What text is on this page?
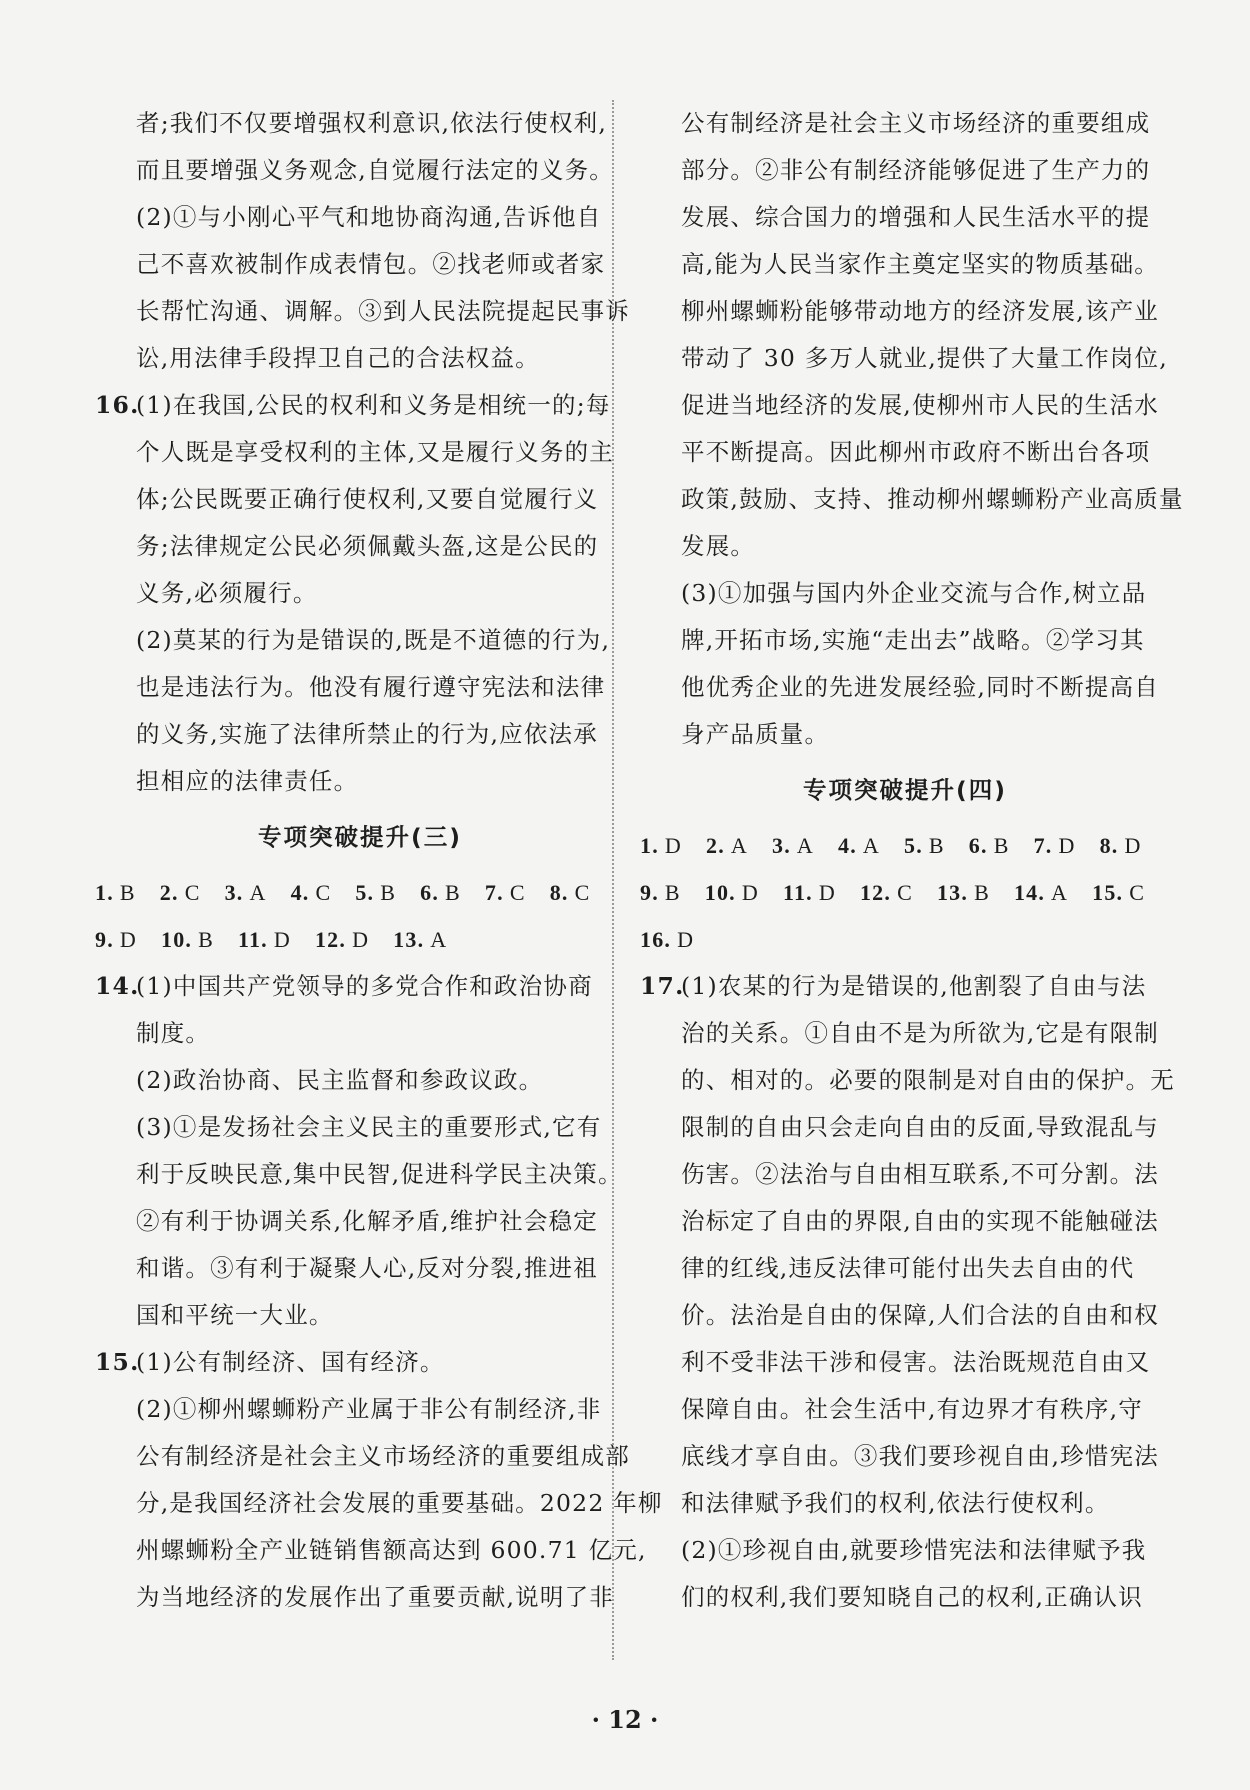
者;我们不仅要增强权利意识,依法行使权利,
而且要增强义务观念,自觉履行法定的义务。
(2)①与小刚心平气和地协商沟通,告诉他自
己不喜欢被制作成表情包。②找老师或者家
长帮忙沟通、调解。③到人民法院提起民事诉
讼,用法律手段捍卫自己的合法权益。
16.(1)在我国,公民的权利和义务是相统一的;每
个人既是享受权利的主体,又是履行义务的主
体;公民既要正确行使权利,又要自觉履行义
务;法律规定公民必须佩戴头盔,这是公民的
义务,必须履行。
(2)莫某的行为是错误的,既是不道德的行为,
也是违法行为。他没有履行遵守宪法和法律
的义务,实施了法律所禁止的行为,应依法承
担相应的法律责任。
专项突破提升(三)
1. B 2. C 3. A 4. C 5. B 6. B 7. C 8. C
9. D 10. B 11. D 12. D 13. A
14.(1)中国共产党领导的多党合作和政治协商
制度。
(2)政治协商、民主监督和参政议政。
(3)①是发扬社会主义民主的重要形式,它有
利于反映民意,集中民智,促进科学民主决策。
②有利于协调关系,化解矛盾,维护社会稳定
和谐。③有利于凝聚人心,反对分裂,推进祖
国和平统一大业。
15.(1)公有制经济、国有经济。
(2)①柳州螺蛳粉产业属于非公有制经济,非
公有制经济是社会主义市场经济的重要组成部
分,是我国经济社会发展的重要基础。2022 年柳
州螺蛳粉全产业链销售额高达到 600.71 亿元,
为当地经济的发展作出了重要贡献,说明了非
公有制经济是社会主义市场经济的重要组成
部分。②非公有制经济能够促进了生产力的
发展、综合国力的增强和人民生活水平的提
高,能为人民当家作主奠定坚实的物质基础。
柳州螺蛳粉能够带动地方的经济发展,该产业
带动了 30 多万人就业,提供了大量工作岗位,
促进当地经济的发展,使柳州市人民的生活水
平不断提高。因此柳州市政府不断出台各项
政策,鼓励、支持、推动柳州螺蛳粉产业高质量
发展。
(3)①加强与国内外企业交流与合作,树立品
牌,开拓市场,实施“走出去”战略。②学习其
他优秀企业的先进发展经验,同时不断提高自
身产品质量。
专项突破提升(四)
1. D 2. A 3. A 4. A 5. B 6. B 7. D 8. D
9. B 10. D 11. D 12. C 13. B 14. A 15. C
16. D
17.(1)农某的行为是错误的,他割裂了自由与法
治的关系。①自由不是为所欲为,它是有限制
的、相对的。必要的限制是对自由的保护。无
限制的自由只会走向自由的反面,导致混乱与
伤害。②法治与自由相互联系,不可分割。法
治标定了自由的界限,自由的实现不能触碰法
律的红线,违反法律可能付出失去自由的代
价。法治是自由的保障,人们合法的自由和权
利不受非法干涉和侵害。法治既规范自由又
保障自由。社会生活中,有边界才有秩序,守
底线才享自由。③我们要珍视自由,珍惜宪法
和法律赋予我们的权利,依法行使权利。
(2)①珍视自由,就要珍惜宪法和法律赋予我
们的权利,我们要知晓自己的权利,正确认识
· 12 ·
